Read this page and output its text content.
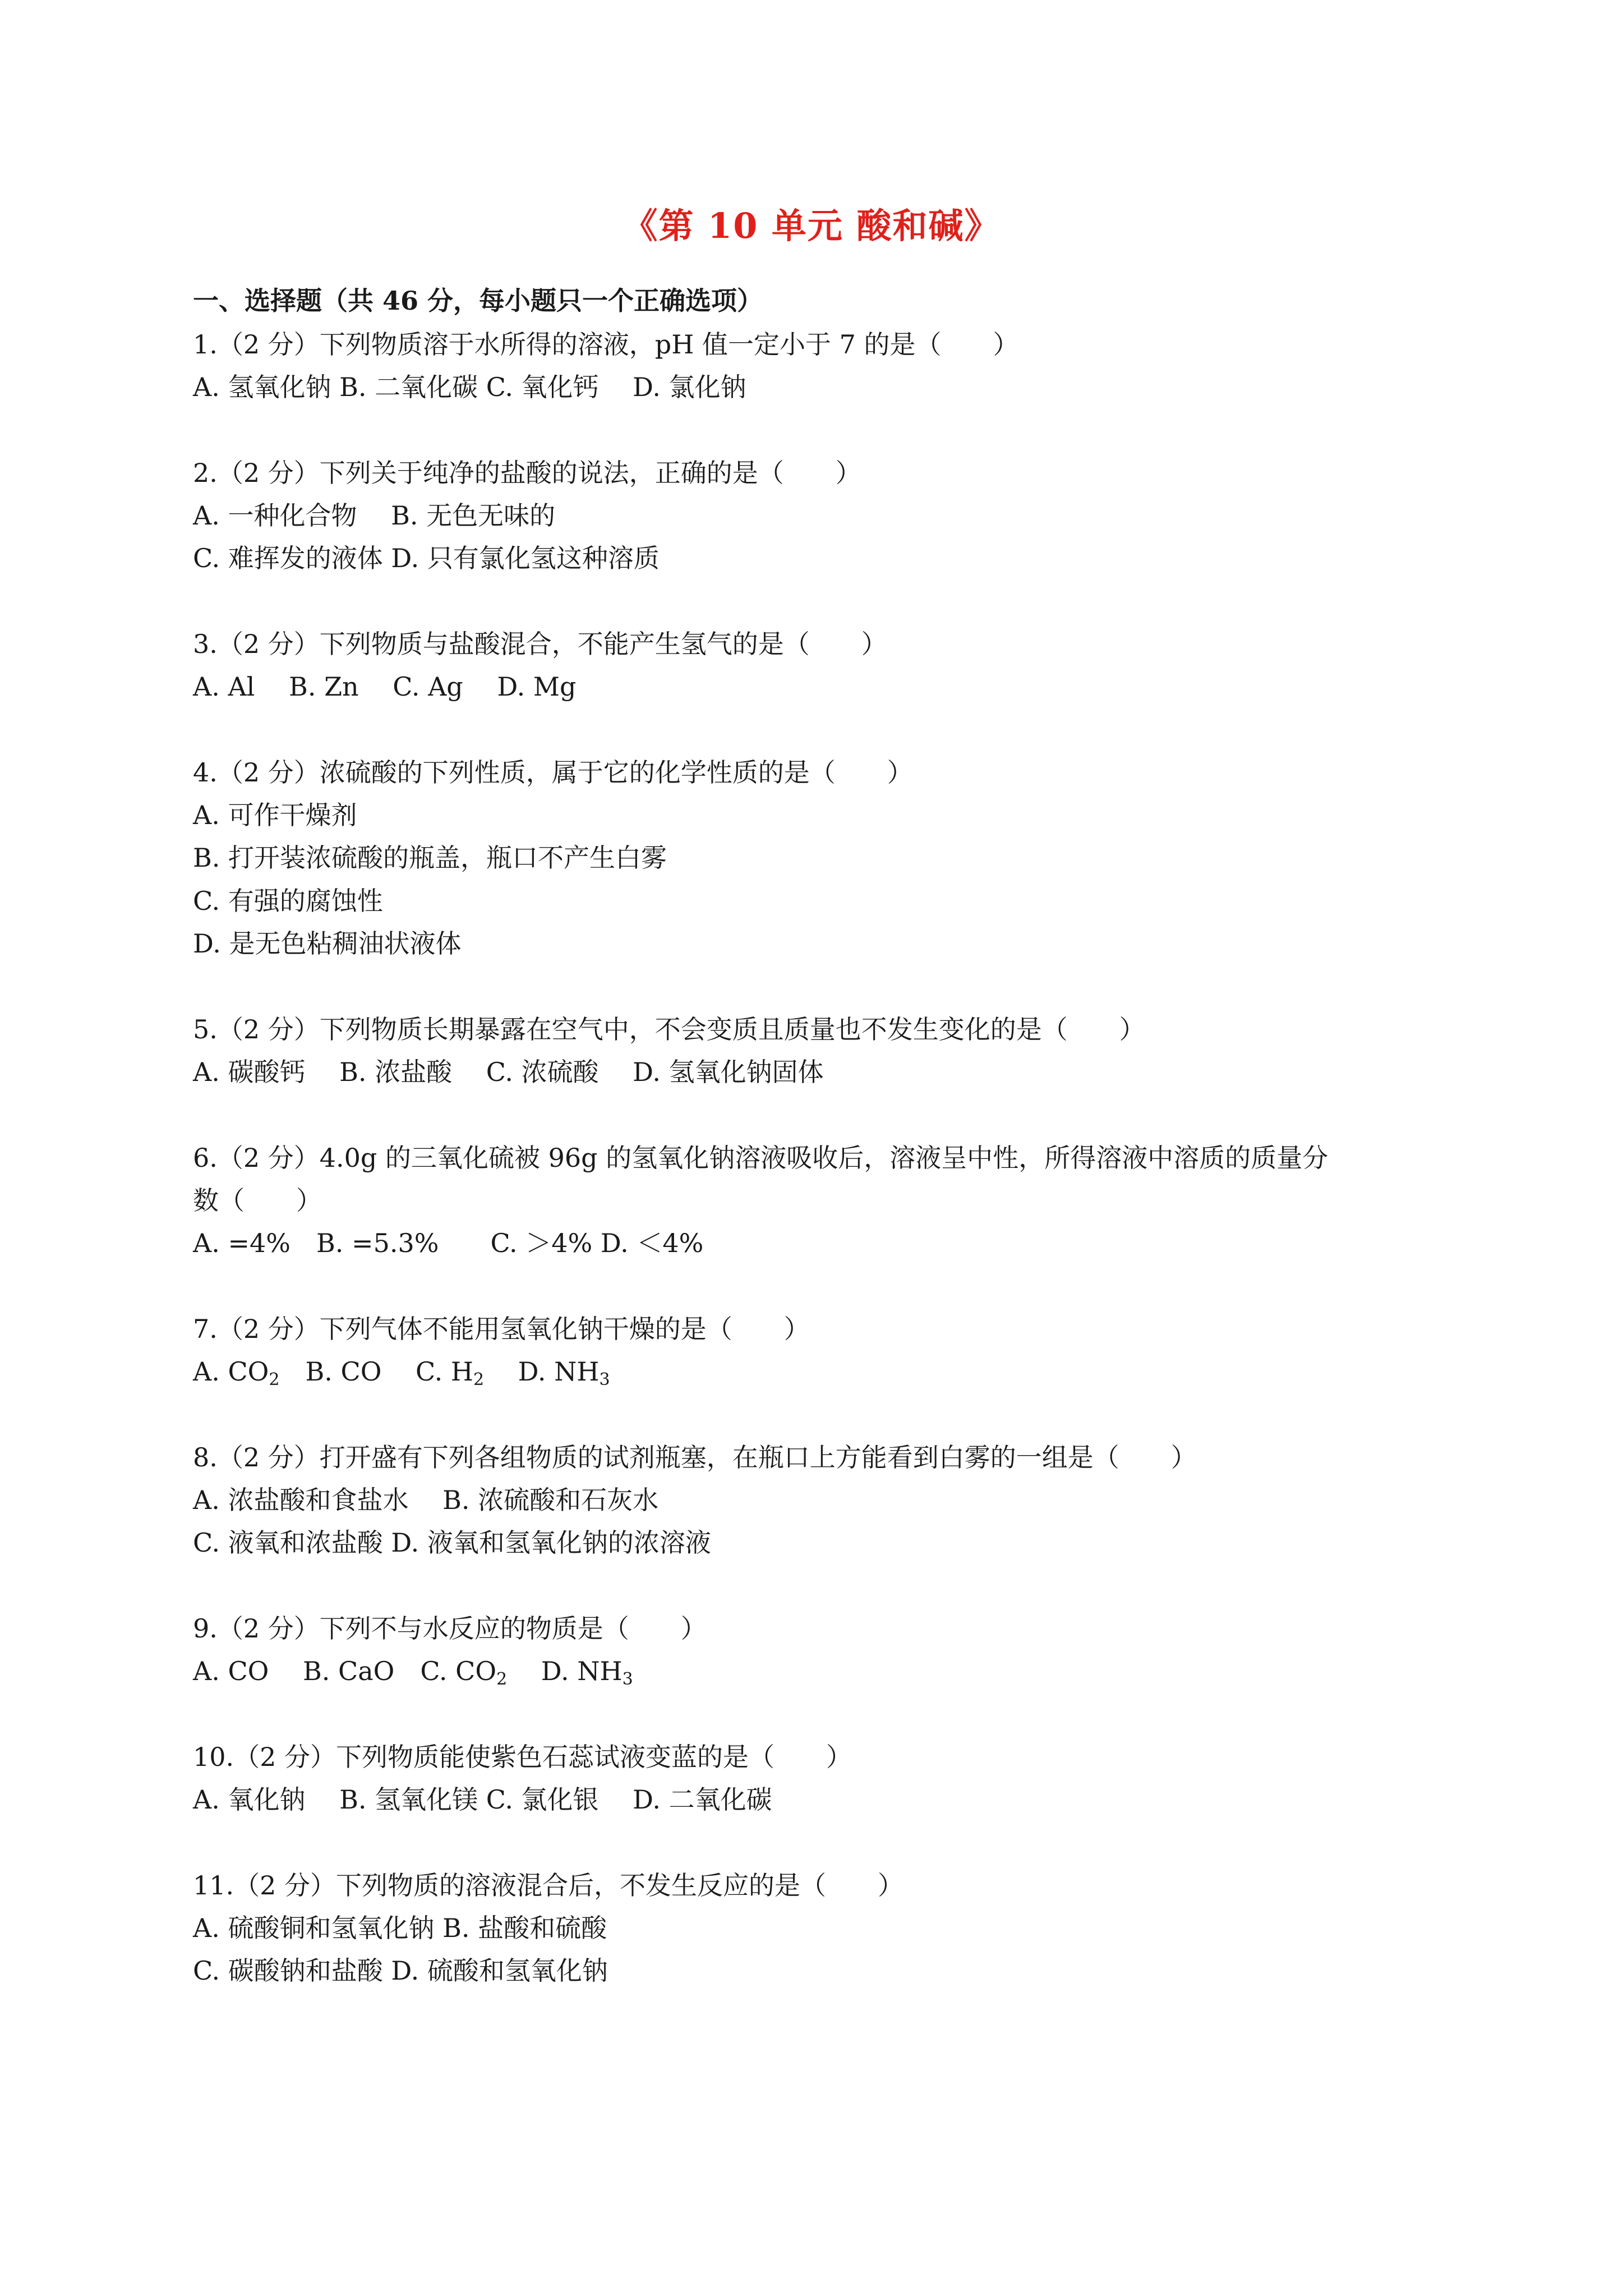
《第 10 单元 酸和碱》
一、选择题（共 46 分，每小题只一个正确选项）
1.（2 分）下列物质溶于水所得的溶液，pH 值一定小于 7 的是（　　）
A. 氢氧化钠 B. 二氧化碳 C. 氧化钙　 D. 氯化钠
2.（2 分）下列关于纯净的盐酸的说法，正确的是（　　）
A. 一种化合物　 B. 无色无味的
C. 难挥发的液体 D. 只有氯化氢这种溶质
3.（2 分）下列物质与盐酸混合，不能产生氢气的是（　　）
A. Al　 B. Zn　 C. Ag　 D. Mg
4.（2 分）浓硫酸的下列性质，属于它的化学性质的是（　　）
A. 可作干燥剂
B. 打开装浓硫酸的瓶盖，瓶口不产生白雾
C. 有强的腐蚀性
D. 是无色粘稠油状液体
5.（2 分）下列物质长期暴露在空气中，不会变质且质量也不发生变化的是（　　）
A. 碳酸钙　 B. 浓盐酸　 C. 浓硫酸　 D. 氢氧化钠固体
6.（2 分）4.0g 的三氧化硫被 96g 的氢氧化钠溶液吸收后，溶液呈中性，所得溶液中溶质的质量分
数（　　）
A. =4%　B. =5.3%　　C. ＞4% D. ＜4%
7.（2 分）下列气体不能用氢氧化钠干燥的是（　　）
A. $CO_2$　B. CO　 C. $H_2$　 D. $NH_3$
8.（2 分）打开盛有下列各组物质的试剂瓶塞，在瓶口上方能看到白雾的一组是（　　）
A. 浓盐酸和食盐水　 B. 浓硫酸和石灰水
C. 液氧和浓盐酸 D. 液氧和氢氧化钠的浓溶液
9.（2 分）下列不与水反应的物质是（　　）
A. CO　 B. CaO　C. $CO_2$　 D. $NH_3$
10.（2 分）下列物质能使紫色石蕊试液变蓝的是（　　）
A. 氧化钠　 B. 氢氧化镁 C. 氯化银　 D. 二氧化碳
11.（2 分）下列物质的溶液混合后，不发生反应的是（　　）
A. 硫酸铜和氢氧化钠 B. 盐酸和硫酸
C. 碳酸钠和盐酸 D. 硫酸和氢氧化钠
